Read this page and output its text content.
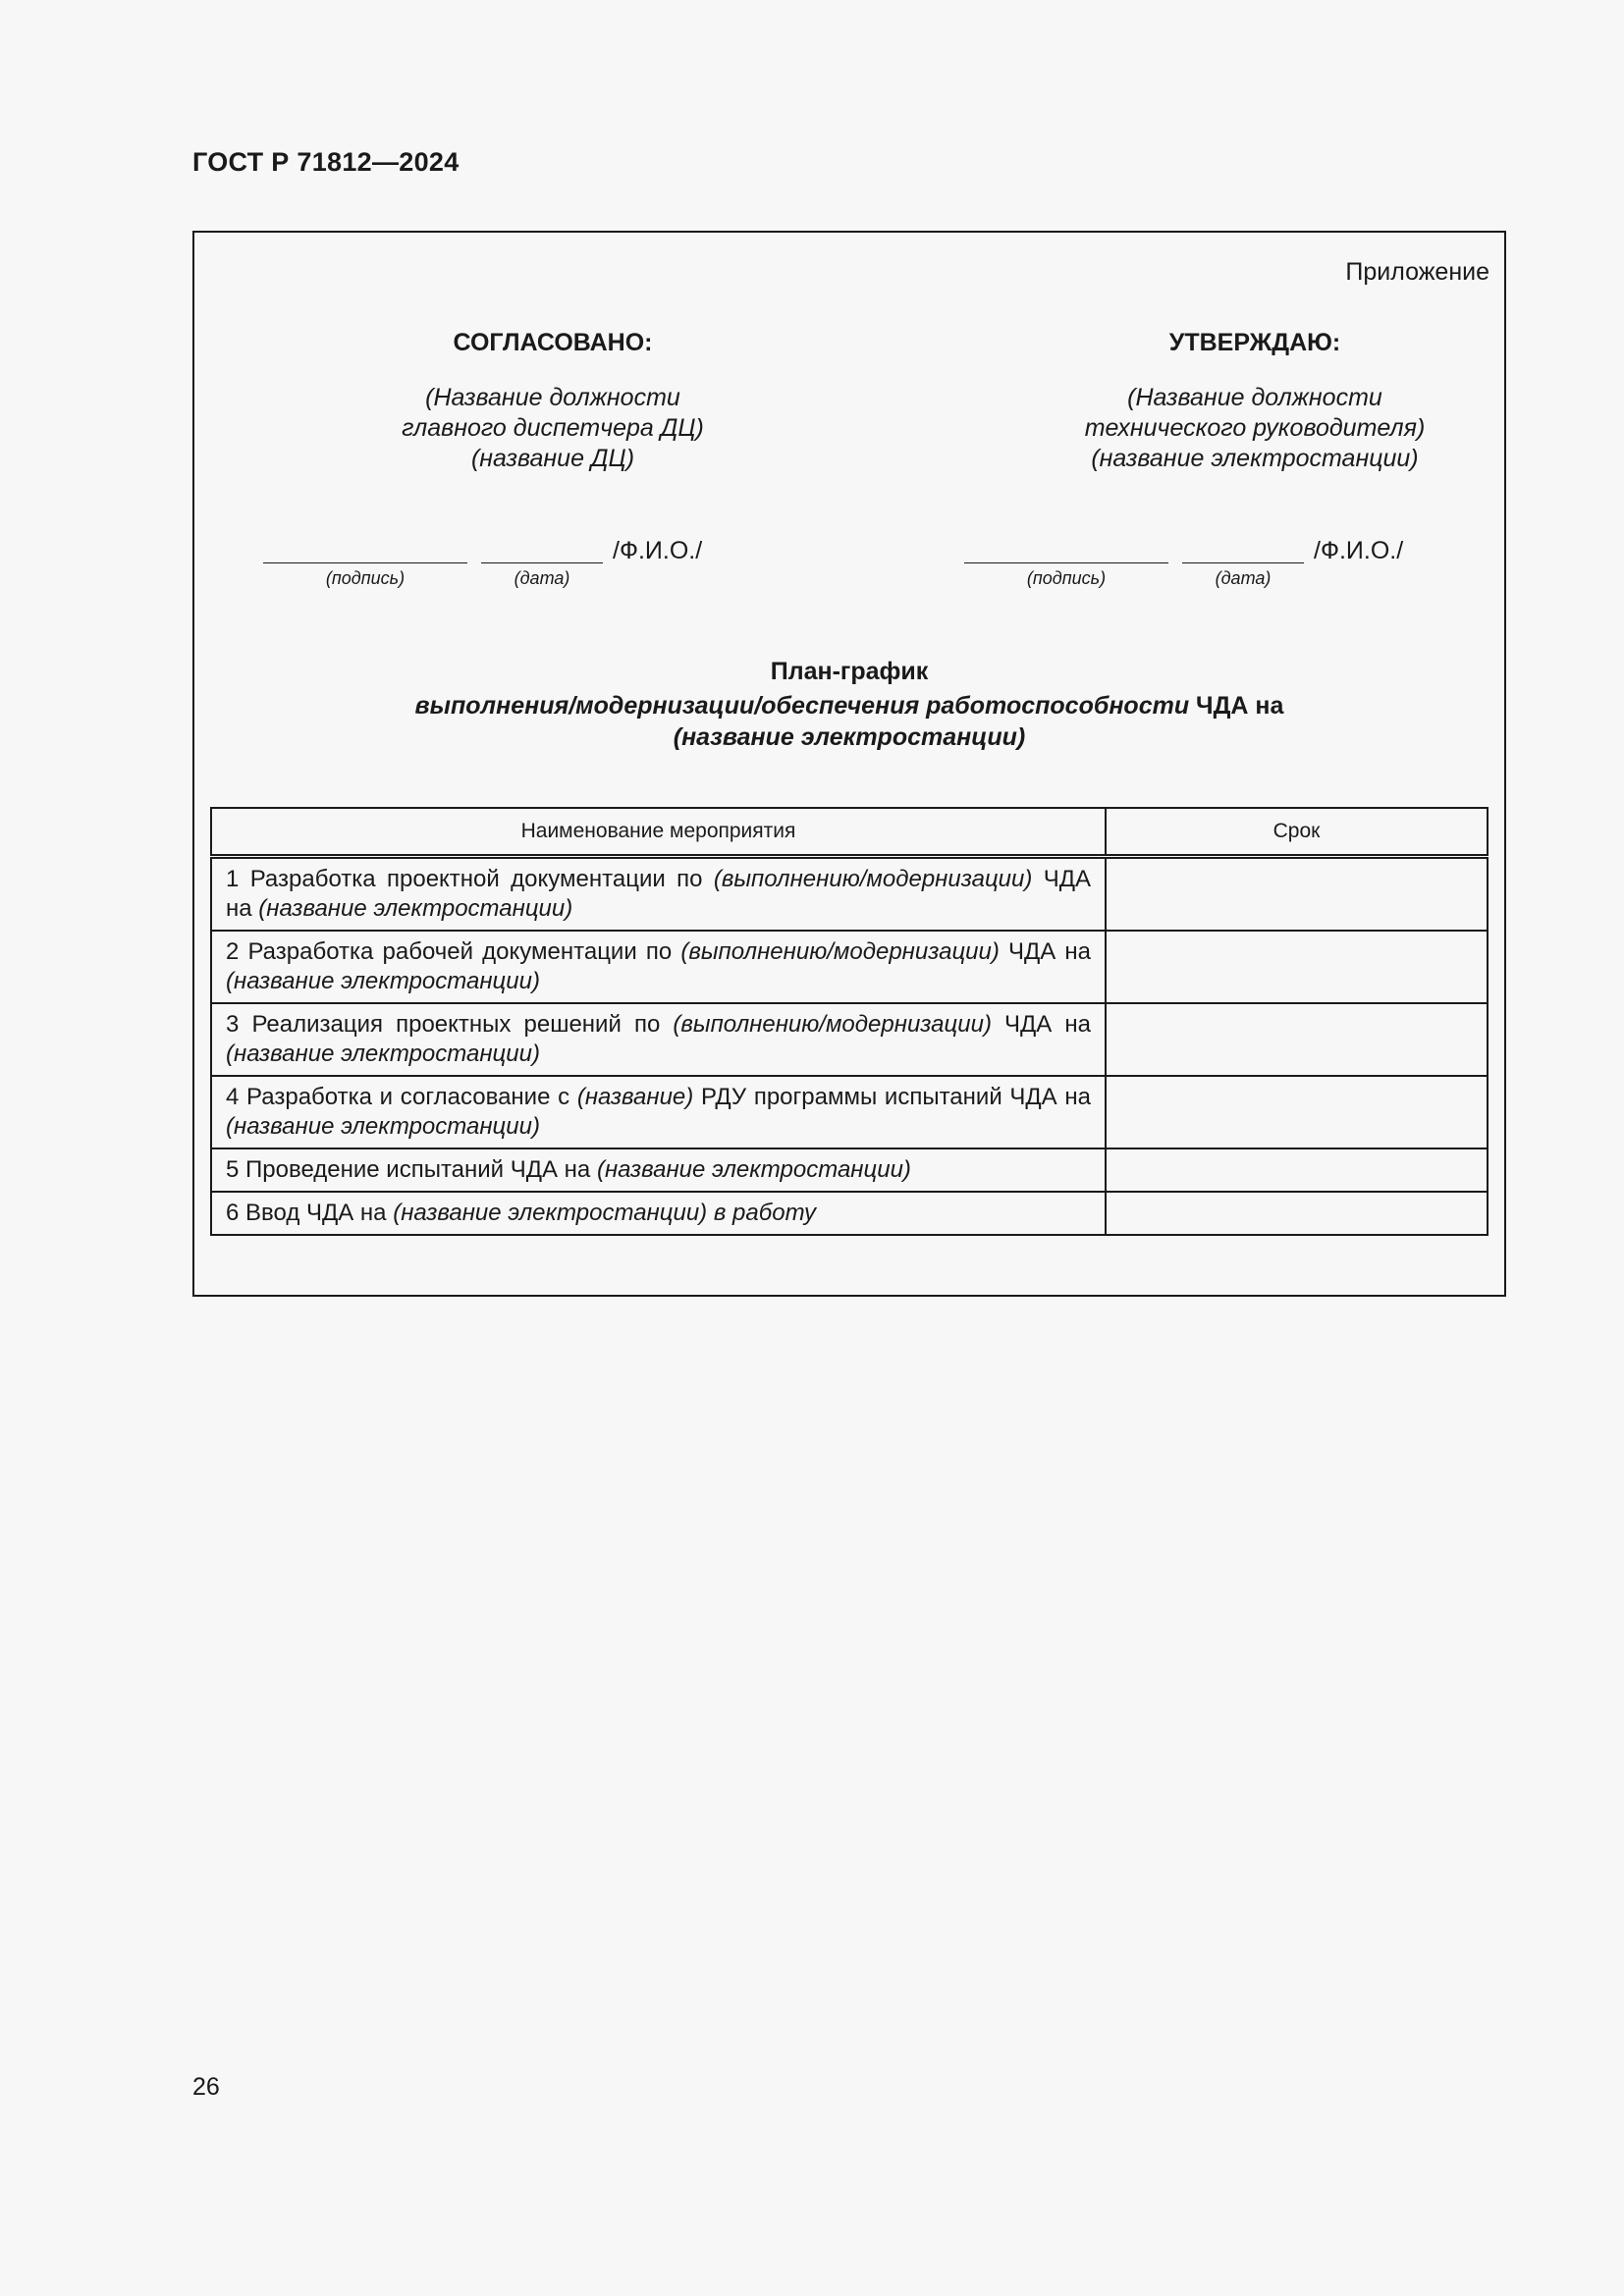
ГОСТ Р 71812—2024
Приложение
СОГЛАСОВАНО:
(Название должности
главного диспетчера ДЦ)
(название ДЦ)
УТВЕРЖДАЮ:
(Название должности
технического руководителя)
(название электростанции)
/Ф.И.О./
(подпись)	(дата)
/Ф.И.О./
(подпись)	(дата)
План-график
выполнения/модернизации/обеспечения работоспособности ЧДА на
(название электростанции)
Наименование мероприятия	Срок
1 Разработка проектной документации по (выполнению/модернизации) ЧДА на (название электростанции)	
2 Разработка рабочей документации по (выполнению/модернизации) ЧДА на (название электростанции)	
3 Реализация проектных решений по (выполнению/модернизации) ЧДА на (название электростанции)	
4 Разработка и согласование с (название) РДУ программы испытаний ЧДА на (название электростанции)	
5 Проведение испытаний ЧДА на (название электростанции)	
6 Ввод ЧДА на (название электростанции) в работу	
26
